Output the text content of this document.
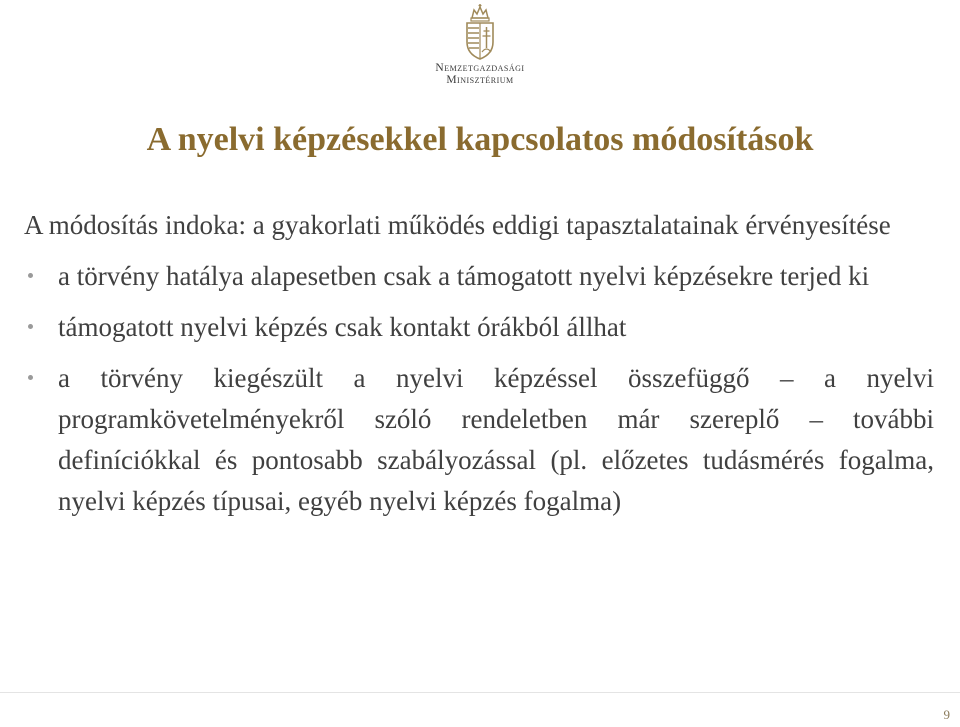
Nemzetgazdasági
Minisztérium
A nyelvi képzésekkel kapcsolatos módosítások

A módosítás indoka: a gyakorlati működés eddigi tapasztalatainak érvényesítése

a törvény hatálya alapesetben csak a támogatott nyelvi képzésekre terjed ki
támogatott nyelvi képzés csak kontakt órákból állhat
a törvény kiegészült a nyelvi képzéssel összefüggő – a nyelvi programkövetelményekről szóló rendeletben már szereplő – további definíciókkal és pontosabb szabályozással (pl. előzetes tudásmérés fogalma, nyelvi képzés típusai, egyéb nyelvi képzés fogalma)
9
